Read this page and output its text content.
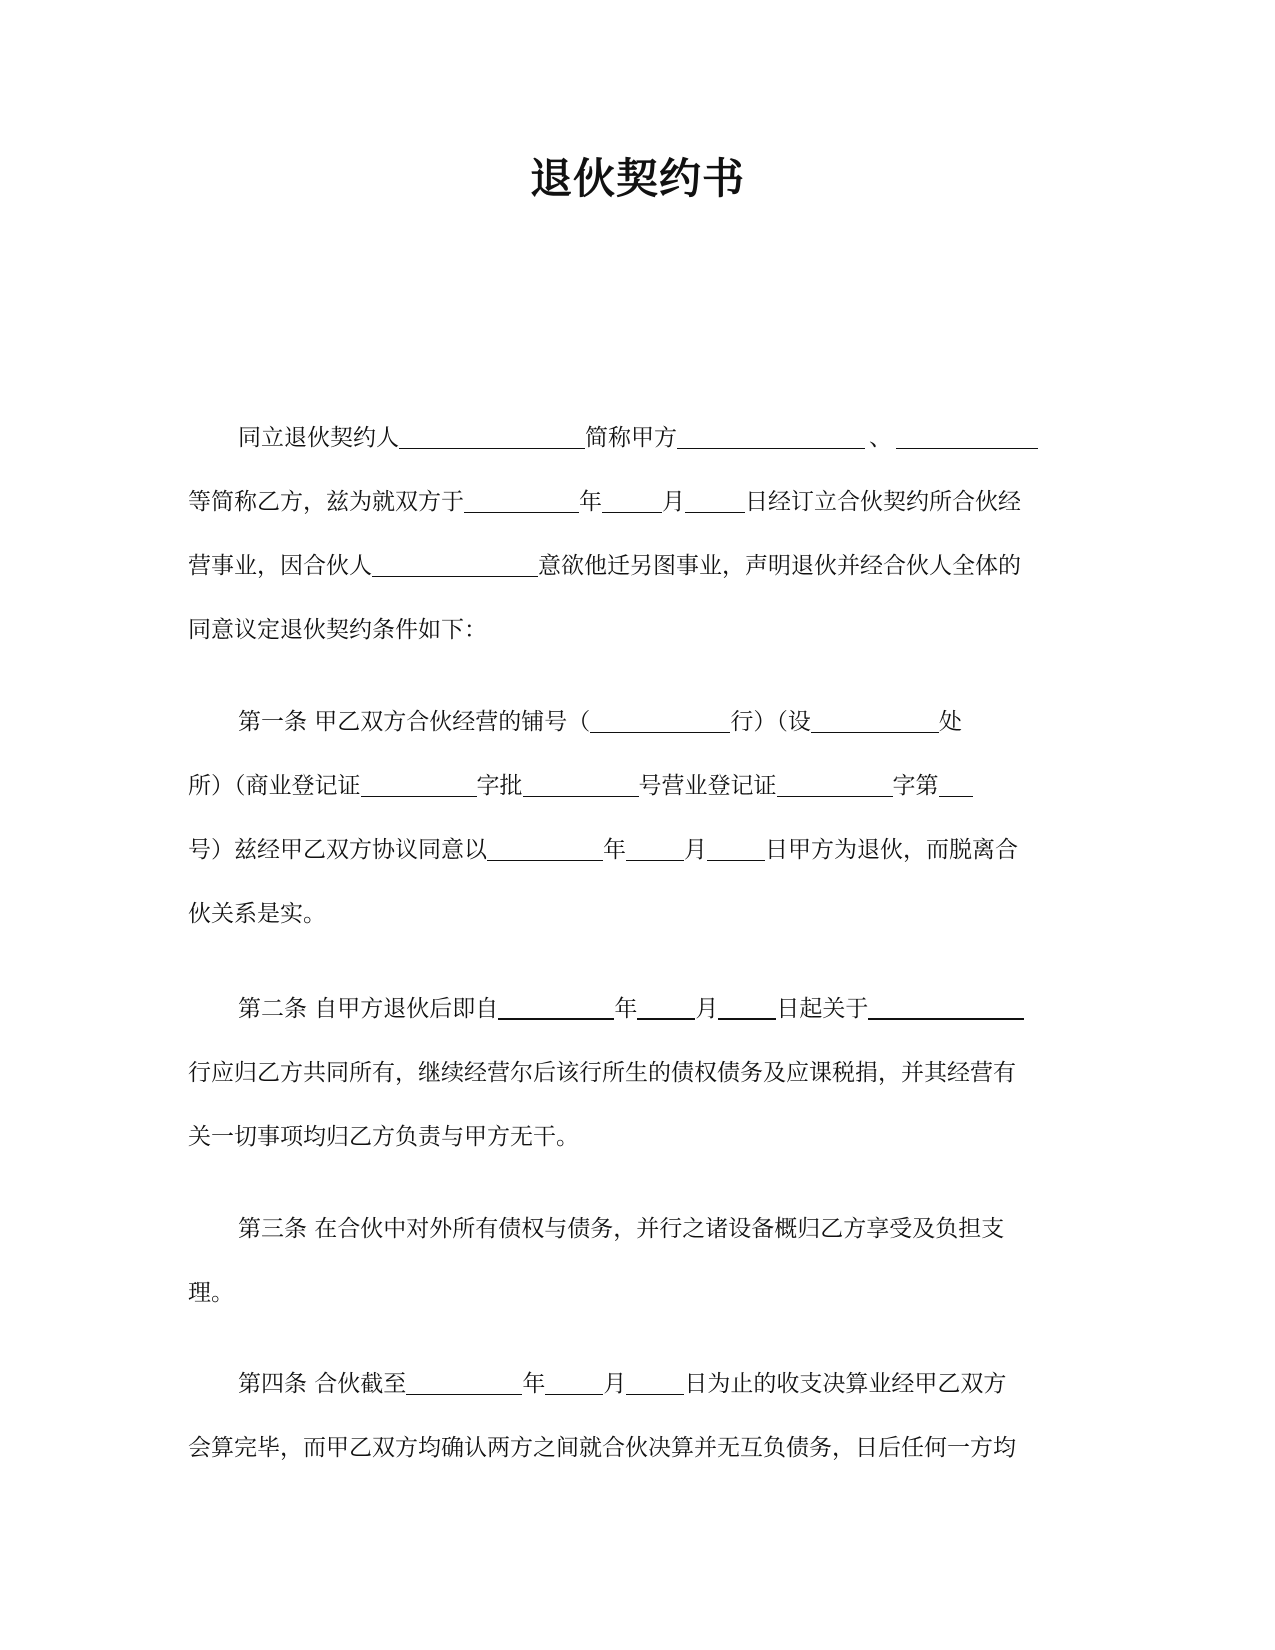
退伙契约书
同立退伙契约人	简称甲方	、
等简称乙方，兹为就双方于	年	月	日经订立合伙契约所合伙经
营事业，因合伙人	意欲他迁另图事业，声明退伙并经合伙人全体的
同意议定退伙契约条件如下：
第一条 甲乙双方合伙经营的铺号（	行）（设	处
所）（商业登记证	字批	号营业登记证	字第
号）兹经甲乙双方协议同意以	年	月	日甲方为退伙，而脱离合
伙关系是实。
第二条 自甲方退伙后即自	年	月	日起关于
行应归乙方共同所有，继续经营尔后该行所生的债权债务及应课税捐，并其经营有
关一切事项均归乙方负责与甲方无干。
第三条 在合伙中对外所有债权与债务，并行之诸设备概归乙方享受及负担支
理。
第四条 合伙截至	年	月	日为止的收支决算业经甲乙双方
会算完毕，而甲乙双方均确认两方之间就合伙决算并无互负债务，日后任何一方均
